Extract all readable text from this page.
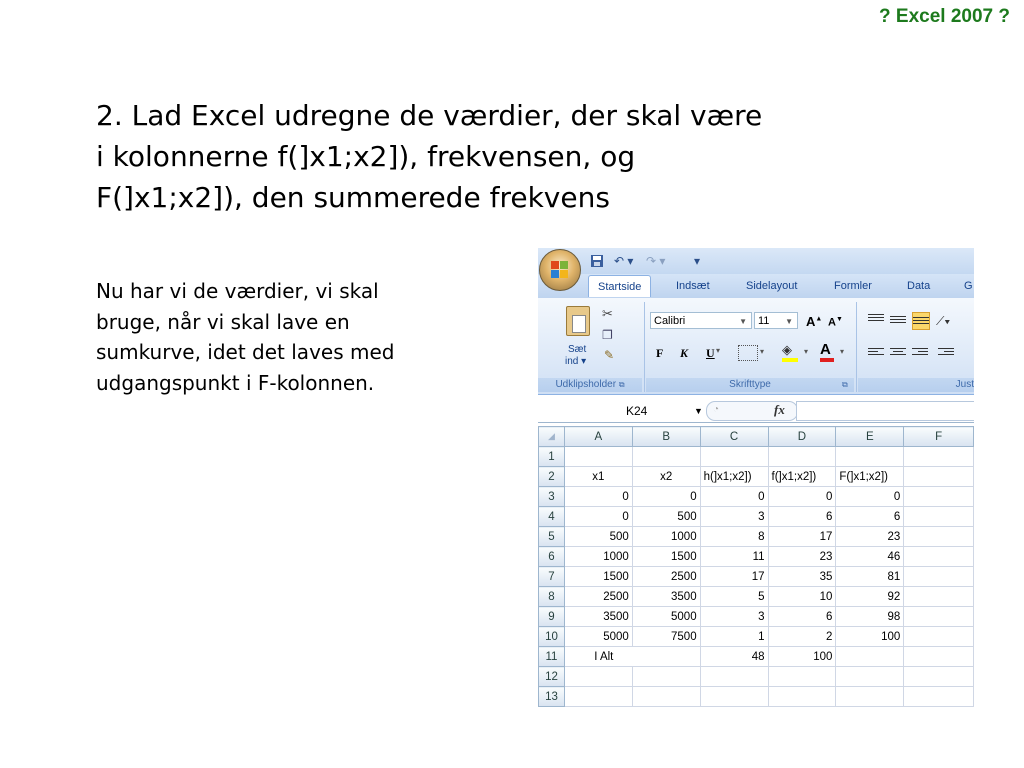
? Excel 2007 ?
2. Lad Excel udregne de værdier, der skal være
i kolonnerne f(]x1;x2]), frekvensen, og
F(]x1;x2]), den summerede frekvens
Nu har vi de værdier, vi skal
bruge, når vi skal lave en
sumkurve, idet det laves med
udgangspunkt i F-kolonnen.
↶ ▾ ↷ ▾ ▾
Startside	Indsæt	Sidelayout	Formler	Data	G
Sæt
ind ▾
✂
❐
✎
Udklipsholder ⧉
Calibri	▼	11 ▼ A▲ A▼
F K U ▾	▾ ◈	▾ A	▾
Skrifttype	⧉
⟋▾
Just
K24	▼ ◔	fx
◢	A	B	C	D	E	F
1						
2	x1	x2	h(]x1;x2])	f(]x1;x2])	F(]x1;x2])	
3	0	0	0	0	0	
4	0	500	3	6	6	
5	500	1000	8	17	23	
6	1000	1500	11	23	46	
7	1500	2500	17	35	81	
8	2500	3500	5	10	92	
9	3500	5000	3	6	98	
10	5000	7500	1	2	100	
11	I Alt		48	100		
12						
13						
